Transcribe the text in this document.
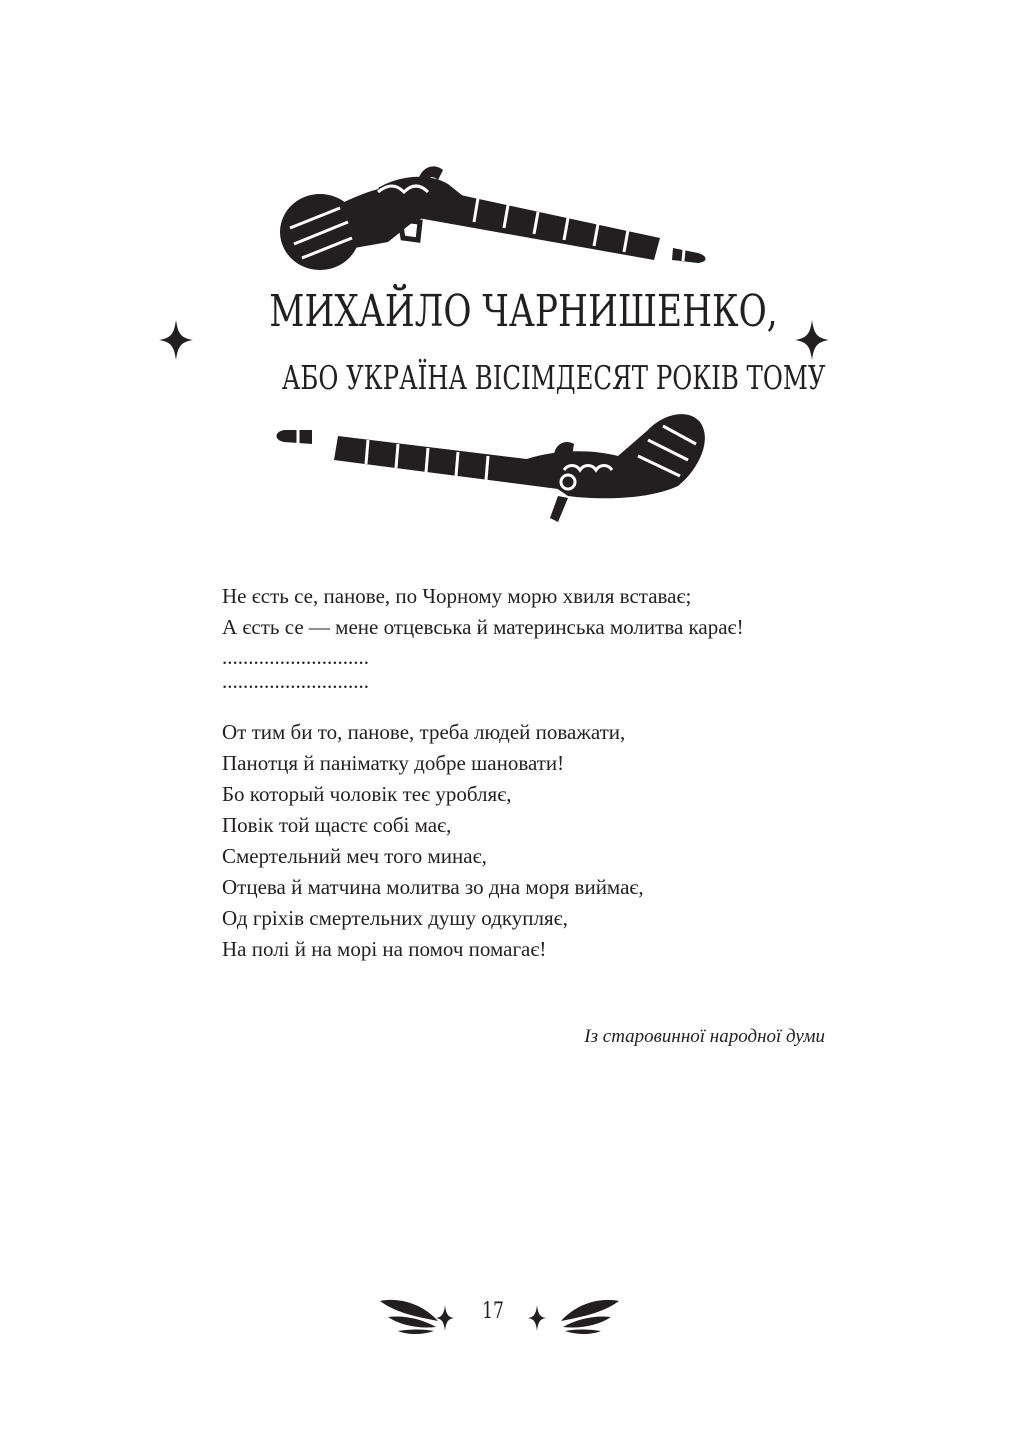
МИХАЙЛО ЧАРНИШЕНКО,
АБО УКРАЇНА ВІСІМДЕСЯТ РОКІВ ТОМУ
Не єсть се, панове, по Чорному морю хвиля вставає;
А єсть се — мене отцевська й материнська молитва карає!
............................
............................
От тим би то, панове, треба людей поважати,
Панотця й паніматку добре шановати!
Бо который чоловік теє уробляє,
Повік той щастє собі має,
Смертельний меч того минає,
Отцева й матчина молитва зо дна моря виймає,
Од гріхів смертельних душу одкупляє,
На полі й на морі на помоч помагає!
Із старовинної народної думи
17
